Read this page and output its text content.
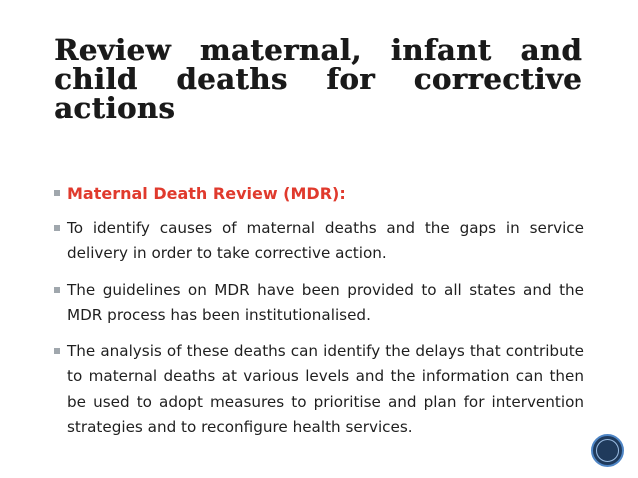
Review maternal, infant and
child deaths for corrective
actions
Maternal Death Review (MDR):
To identify causes of maternal deaths and the gaps in service delivery in order to take corrective action.
The guidelines on MDR have been provided to all states and the MDR process has been institutionalised.
The analysis of these deaths can identify the delays that contribute to maternal deaths at various levels and the information can then be used to adopt measures to prioritise and plan for intervention strategies and to reconfigure health services.
